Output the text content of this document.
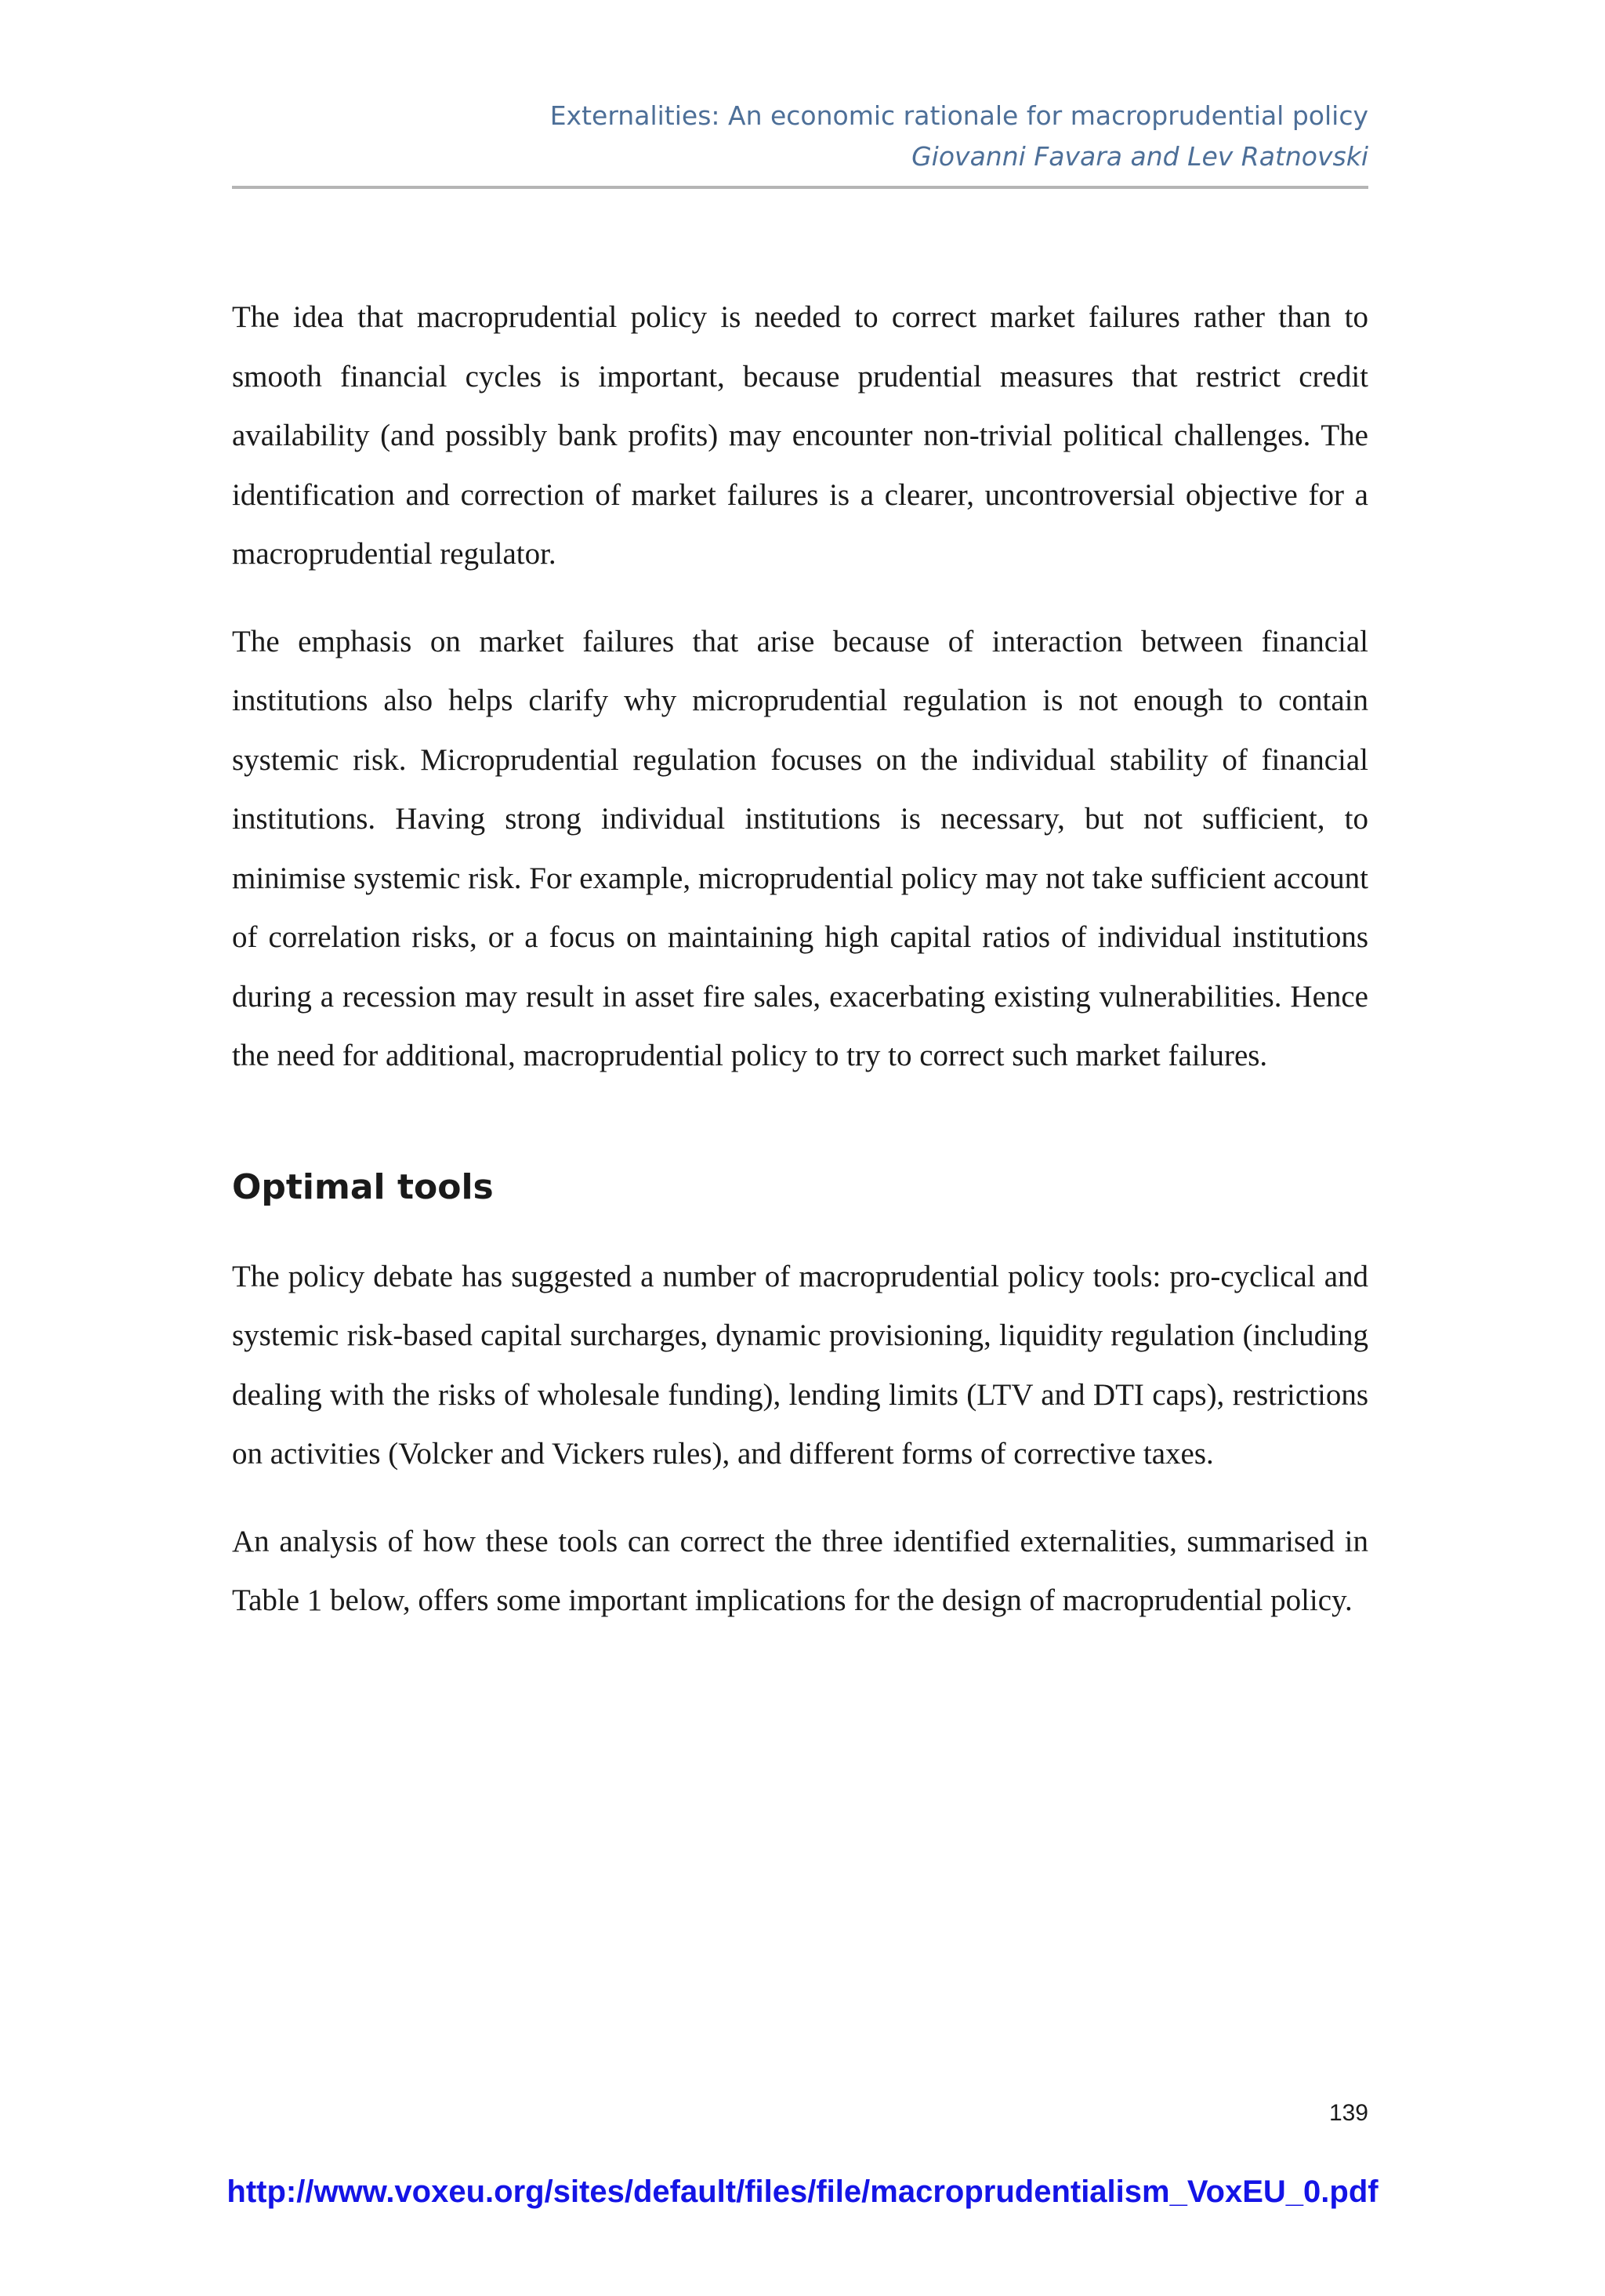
Externalities: An economic rationale for macroprudential policy
Giovanni Favara and Lev Ratnovski

The idea that macroprudential policy is needed to correct market failures rather than to smooth financial cycles is important, because prudential measures that restrict credit availability (and possibly bank profits) may encounter non-trivial political challenges. The identification and correction of market failures is a clearer, uncontroversial objective for a macroprudential regulator.

The emphasis on market failures that arise because of interaction between financial institutions also helps clarify why microprudential regulation is not enough to contain systemic risk. Microprudential regulation focuses on the individual stability of financial institutions. Having strong individual institutions is necessary, but not sufficient, to minimise systemic risk. For example, microprudential policy may not take sufficient account of correlation risks, or a focus on maintaining high capital ratios of individual institutions during a recession may result in asset fire sales, exacerbating existing vulnerabilities. Hence the need for additional, macroprudential policy to try to correct such market failures.

Optimal tools

The policy debate has suggested a number of macroprudential policy tools: pro-cyclical and systemic risk-based capital surcharges, dynamic provisioning, liquidity regulation (including dealing with the risks of wholesale funding), lending limits (LTV and DTI caps), restrictions on activities (Volcker and Vickers rules), and different forms of corrective taxes.

An analysis of how these tools can correct the three identified externalities, summarised in Table 1 below, offers some important implications for the design of macroprudential policy.

139
http://www.voxeu.org/sites/default/files/file/macroprudentialism_VoxEU_0.pdf
